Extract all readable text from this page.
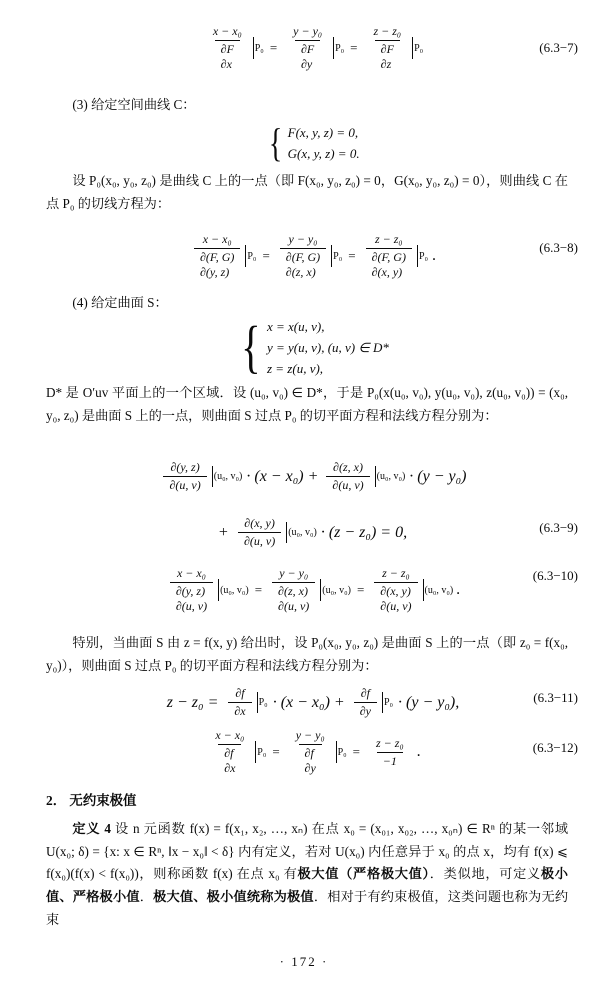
x − x₀
∂F
∂x
P₀ =
y − y₀
∂F
∂y
P₀ =
z − z₀
∂F
∂z
P₀	(6.3−7)
(3) 给定空间曲线 C：
{ F(x, y, z) = 0,
G(x, y, z) = 0.
设 P₀(x₀, y₀, z₀) 是曲线 C 上的一点（即 F(x₀, y₀, z₀) = 0，G(x₀, y₀, z₀) = 0），则曲线 C 在点 P₀ 的切线方程为：
x − x₀
∂(F, G)
∂(y, z)
P₀ =
y − y₀
∂(F, G)
∂(z, x)
P₀ =
z − z₀
∂(F, G)
∂(x, y)
P₀ .	(6.3−8)
(4) 给定曲面 S：
{ x = x(u, v),
y = y(u, v), (u, v) ∈ D*
z = z(u, v),
D* 是 O′uv 平面上的一个区域．设 (u₀, v₀) ∈ D*，于是 P₀(x(u₀, v₀), y(u₀, v₀), z(u₀, v₀)) = (x₀, y₀, z₀) 是曲面 S 上的一点，则曲面 S 过点 P₀ 的切平面方程和法线方程分别为：
$\frac{\partial(y, z)}{\partial(u, v)} (u_0$, $v_0) \cdot (x - x_0) + \frac{\partial(z, x)}{\partial(u, v)} (u_0$, v₀) · (y − y₀)
+ $\frac{\partial(x, y)}{\partial(u, v)} (u_0$, v₀) · (z − z₀) = 0,	(6.3−9)
x − x₀
∂(y, z)
∂(u, v)
(u₀, v₀) =
y − y₀
∂(z, x)
∂(u, v)
(u₀, v₀) =
z − z₀
∂(x, y)
∂(u, v)
(u₀, v₀) .
(6.3−10)
特别，当曲面 S 由 z = f(x, y) 给出时，设 P₀(x₀, y₀, z₀) 是曲面 S 上的一点（即 z₀ = f(x₀, y₀)），则曲面 S 过点 P₀ 的切平面方程和法线方程分别为：
$z - z_0 = \frac{\partial f}{\partial x} P_0 \cdot (x - x_0) + \frac{\partial f}{\partial y} P_0 \cdot (y - y_0)$,	(6.3−11)
x − x₀
∂f
∂x
P₀ =
y − y₀
∂f
∂y
$P_0 = \frac{\text{z − z₀}}{-1}$ .	(6.3−12)
2． 无约束极值
定义 4 设 n 元函数 f(x) = f(x₁, x₂, …, xₙ) 在点 x₀ = (x₀₁, x₀₂, …, x₀ₙ) ∈ Rⁿ 的某一邻域 U(x₀; δ) = {x: x ∈ Rⁿ, ‖x − x₀‖ < δ} 内有定义，若对 U(x₀) 内任意异于 x₀ 的点 x，均有 f(x) ⩽ f(x₀)(f(x) < f(x₀))，则称函数 f(x) 在点 x₀ 有极大值（严格极大值）．类似地，可定义极小值、严格极小值．极大值、极小值统称为极值．相对于有约束极值，这类问题也称为无约束
· 172 ·
